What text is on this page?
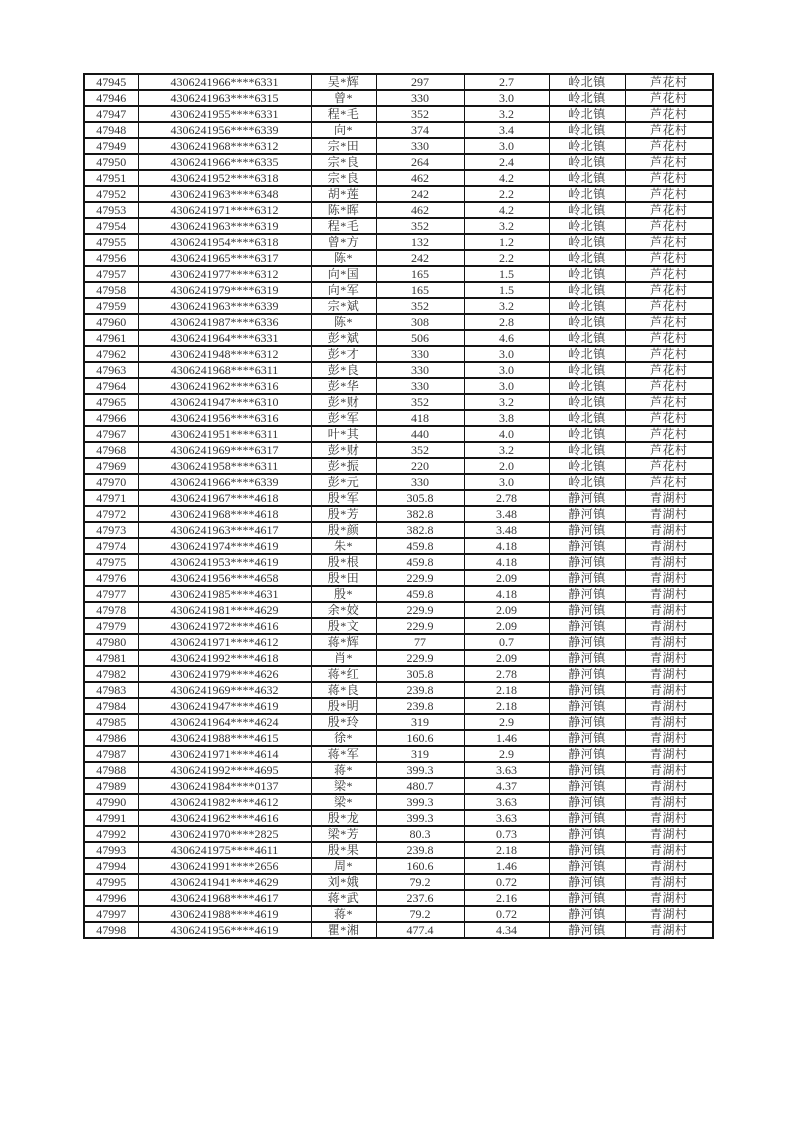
47945	4306241966****6331	吴*辉	297	2.7	岭北镇	芦花村
47946	4306241963****6315	曾*	330	3.0	岭北镇	芦花村
47947	4306241955****6331	程*毛	352	3.2	岭北镇	芦花村
47948	4306241956****6339	向*	374	3.4	岭北镇	芦花村
47949	4306241968****6312	宗*田	330	3.0	岭北镇	芦花村
47950	4306241966****6335	宗*良	264	2.4	岭北镇	芦花村
47951	4306241952****6318	宗*良	462	4.2	岭北镇	芦花村
47952	4306241963****6348	胡*莲	242	2.2	岭北镇	芦花村
47953	4306241971****6312	陈*晖	462	4.2	岭北镇	芦花村
47954	4306241963****6319	程*毛	352	3.2	岭北镇	芦花村
47955	4306241954****6318	曾*方	132	1.2	岭北镇	芦花村
47956	4306241965****6317	陈*	242	2.2	岭北镇	芦花村
47957	4306241977****6312	向*国	165	1.5	岭北镇	芦花村
47958	4306241979****6319	向*军	165	1.5	岭北镇	芦花村
47959	4306241963****6339	宗*斌	352	3.2	岭北镇	芦花村
47960	4306241987****6336	陈*	308	2.8	岭北镇	芦花村
47961	4306241964****6331	彭*斌	506	4.6	岭北镇	芦花村
47962	4306241948****6312	彭*才	330	3.0	岭北镇	芦花村
47963	4306241968****6311	彭*良	330	3.0	岭北镇	芦花村
47964	4306241962****6316	彭*华	330	3.0	岭北镇	芦花村
47965	4306241947****6310	彭*财	352	3.2	岭北镇	芦花村
47966	4306241956****6316	彭*军	418	3.8	岭北镇	芦花村
47967	4306241951****6311	叶*其	440	4.0	岭北镇	芦花村
47968	4306241969****6317	彭*财	352	3.2	岭北镇	芦花村
47969	4306241958****6311	彭*振	220	2.0	岭北镇	芦花村
47970	4306241966****6339	彭*元	330	3.0	岭北镇	芦花村
47971	4306241967****4618	殷*军	305.8	2.78	静河镇	青湖村
47972	4306241968****4618	殷*芳	382.8	3.48	静河镇	青湖村
47973	4306241963****4617	殷*颜	382.8	3.48	静河镇	青湖村
47974	4306241974****4619	朱*	459.8	4.18	静河镇	青湖村
47975	4306241953****4619	殷*根	459.8	4.18	静河镇	青湖村
47976	4306241956****4658	殷*田	229.9	2.09	静河镇	青湖村
47977	4306241985****4631	殷*	459.8	4.18	静河镇	青湖村
47978	4306241981****4629	余*姣	229.9	2.09	静河镇	青湖村
47979	4306241972****4616	殷*文	229.9	2.09	静河镇	青湖村
47980	4306241971****4612	蒋*辉	77	0.7	静河镇	青湖村
47981	4306241992****4618	肖*	229.9	2.09	静河镇	青湖村
47982	4306241979****4626	蒋*红	305.8	2.78	静河镇	青湖村
47983	4306241969****4632	蒋*良	239.8	2.18	静河镇	青湖村
47984	4306241947****4619	殷*明	239.8	2.18	静河镇	青湖村
47985	4306241964****4624	殷*玲	319	2.9	静河镇	青湖村
47986	4306241988****4615	徐*	160.6	1.46	静河镇	青湖村
47987	4306241971****4614	蒋*军	319	2.9	静河镇	青湖村
47988	4306241992****4695	蒋*	399.3	3.63	静河镇	青湖村
47989	4306241984****0137	梁*	480.7	4.37	静河镇	青湖村
47990	4306241982****4612	梁*	399.3	3.63	静河镇	青湖村
47991	4306241962****4616	殷*龙	399.3	3.63	静河镇	青湖村
47992	4306241970****2825	梁*芳	80.3	0.73	静河镇	青湖村
47993	4306241975****4611	殷*果	239.8	2.18	静河镇	青湖村
47994	4306241991****2656	周*	160.6	1.46	静河镇	青湖村
47995	4306241941****4629	刘*娥	79.2	0.72	静河镇	青湖村
47996	4306241968****4617	蒋*武	237.6	2.16	静河镇	青湖村
47997	4306241988****4619	蒋*	79.2	0.72	静河镇	青湖村
47998	4306241956****4619	瞿*湘	477.4	4.34	静河镇	青湖村
